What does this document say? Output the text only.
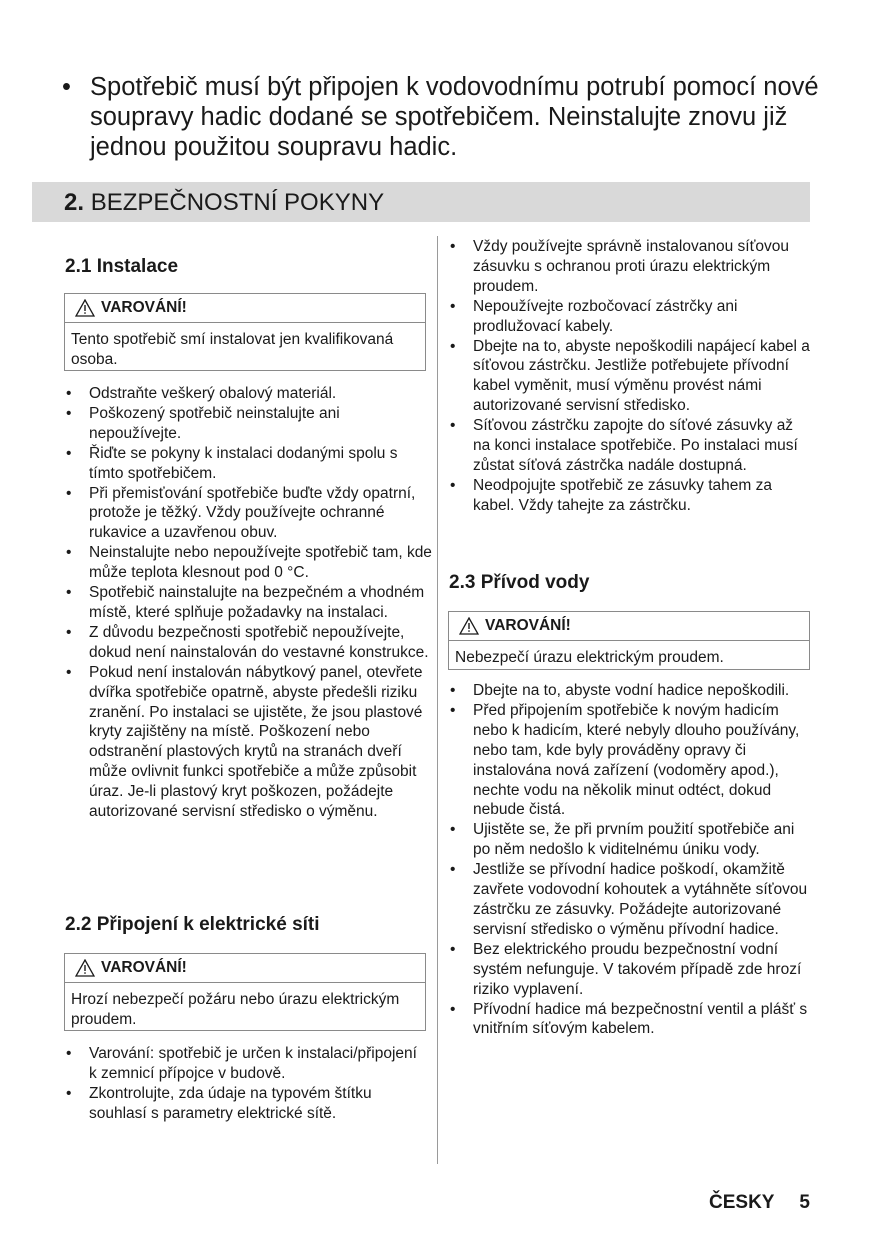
• Spotřebič musí být připojen k vodovodnímu potrubí pomocí nové soupravy hadic dodané se spotřebičem. Neinstalujte znovu již jednou použitou soupravu hadic.
2. BEZPEČNOSTNÍ POKYNY
2.1 Instalace
VAROVÁNÍ!
Tento spotřebič smí instalovat jen kvalifikovaná osoba.
• Odstraňte veškerý obalový materiál.
• Poškozený spotřebič neinstalujte ani nepoužívejte.
• Řiďte se pokyny k instalaci dodanými spolu s tímto spotřebičem.
• Při přemisťování spotřebiče buďte vždy opatrní, protože je těžký. Vždy používejte ochranné rukavice a uzavřenou obuv.
• Neinstalujte nebo nepoužívejte spotřebič tam, kde může teplota klesnout pod 0 °C.
• Spotřebič nainstalujte na bezpečném a vhodném místě, které splňuje požadavky na instalaci.
• Z důvodu bezpečnosti spotřebič nepoužívejte, dokud není nainstalován do vestavné konstrukce.
• Pokud není instalován nábytkový panel, otevřete dvířka spotřebiče opatrně, abyste předešli riziku zranění. Po instalaci se ujistěte, že jsou plastové kryty zajištěny na místě. Poškození nebo odstranění plastových krytů na stranách dveří může ovlivnit funkci spotřebiče a může způsobit úraz. Je-li plastový kryt poškozen, požádejte autorizované servisní středisko o výměnu.
2.2 Připojení k elektrické síti
VAROVÁNÍ!
Hrozí nebezpečí požáru nebo úrazu elektrickým proudem.
• Varování: spotřebič je určen k instalaci/připojení k zemnicí přípojce v budově.
• Zkontrolujte, zda údaje na typovém štítku souhlasí s parametry elektrické sítě.
• Vždy používejte správně instalovanou síťovou zásuvku s ochranou proti úrazu elektrickým proudem.
• Nepoužívejte rozbočovací zástrčky ani prodlužovací kabely.
• Dbejte na to, abyste nepoškodili napájecí kabel a síťovou zástrčku. Jestliže potřebujete přívodní kabel vyměnit, musí výměnu provést námi autorizované servisní středisko.
• Síťovou zástrčku zapojte do síťové zásuvky až na konci instalace spotřebiče. Po instalaci musí zůstat síťová zástrčka nadále dostupná.
• Neodpojujte spotřebič ze zásuvky tahem za kabel. Vždy tahejte za zástrčku.
2.3 Přívod vody
VAROVÁNÍ!
Nebezpečí úrazu elektrickým proudem.
• Dbejte na to, abyste vodní hadice nepoškodili.
• Před připojením spotřebiče k novým hadicím nebo k hadicím, které nebyly dlouho používány, nebo tam, kde byly prováděny opravy či instalována nová zařízení (vodoměry apod.), nechte vodu na několik minut odtéct, dokud nebude čistá.
• Ujistěte se, že při prvním použití spotřebiče ani po něm nedošlo k viditelnému úniku vody.
• Jestliže se přívodní hadice poškodí, okamžitě zavřete vodovodní kohoutek a vytáhněte síťovou zástrčku ze zásuvky. Požádejte autorizované servisní středisko o výměnu přívodní hadice.
• Bez elektrického proudu bezpečnostní vodní systém nefunguje. V takovém případě zde hrozí riziko vyplavení.
• Přívodní hadice má bezpečnostní ventil a plášť s vnitřním síťovým kabelem.
ČESKY 5
